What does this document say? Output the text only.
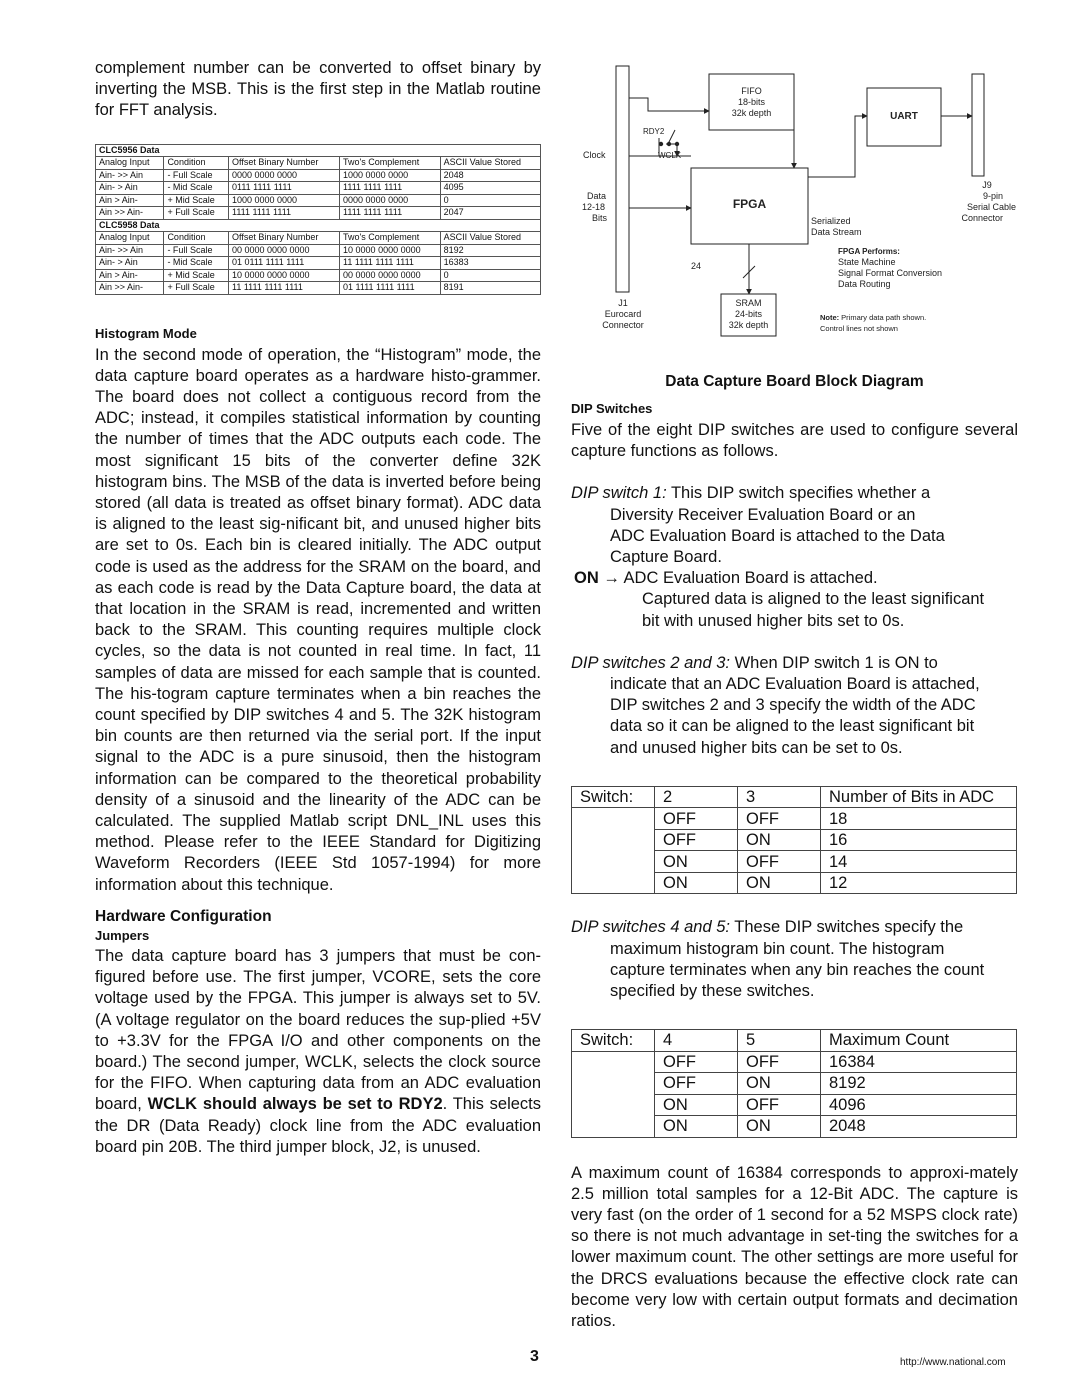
complement number can be converted to offset binary by inverting the MSB. This is the first step in the Matlab routine for FFT analysis.

CLC5956 Data				
Analog Input	Condition	Offset Binary Number	Two's Complement	ASCII Value Stored
Ain- >> Ain	- Full Scale	0000 0000 0000	1000 0000 0000	2048
Ain- > Ain	- Mid Scale	0111 1111 1111	1111 1111 1111	4095
Ain > Ain-	+ Mid Scale	1000 0000 0000	0000 0000 0000	0
Ain >> Ain-	+ Full Scale	1111 1111 1111	1111 1111 1111	2047
CLC5958 Data				
Analog Input	Condition	Offset Binary Number	Two's Complement	ASCII Value Stored
Ain- >> Ain	- Full Scale	00 0000 0000 0000	10 0000 0000 0000	8192
Ain- > Ain	- Mid Scale	01 0111 1111 1111	11 1111 1111 1111	16383
Ain > Ain-	+ Mid Scale	10 0000 0000 0000	00 0000 0000 0000	0
Ain >> Ain-	+ Full Scale	11 1111 1111 1111	01 1111 1111 1111	8191

Histogram Mode

In the second mode of operation, the “Histogram” mode, the data capture board operates as a hardware histo-grammer. The board does not collect a contiguous record from the ADC; instead, it compiles statistical information by counting the number of times that the ADC outputs each code. The most significant 15 bits of the converter define 32K histogram bins. The MSB of the data is inverted before being stored (all data is treated as offset binary format). ADC data is aligned to the least sig-nificant bit, and unused higher bits are set to 0s. Each bin is cleared initially. The ADC output code is used as the address for the SRAM on the board, and as each code is read by the Data Capture board, the data at that location in the SRAM is read, incremented and written back to the SRAM. This counting requires multiple clock cycles, so the data is not counted in real time. In fact, 11 samples of data are missed for each sample that is counted. The his-togram capture terminates when a bin reaches the count specified by DIP switches 4 and 5. The 32K histogram bin counts are then returned via the serial port. If the input signal to the ADC is a pure sinusoid, then the histogram information can be compared to the theoretical probability density of a sinusoid and the linearity of the ADC can be calculated. The supplied Matlab script DNL_INL uses this method. Please refer to the IEEE Standard for Digitizing Waveform Recorders (IEEE Std 1057-1994) for more information about this technique.

Hardware Configuration

Jumpers

The data capture board has 3 jumpers that must be con-figured before use. The first jumper, VCORE, sets the core voltage used by the FPGA. This jumper is always set to 5V. (A voltage regulator on the board reduces the sup-plied +5V to +3.3V for the FPGA I/O and other components on the board.) The second jumper, WCLK, selects the clock source for the FIFO. When capturing data from an ADC evaluation board, WCLK should always be set to RDY2. This selects the DR (Data Ready) clock line from the ADC evaluation board pin 20B. The third jumper block, J2, is unused.

FIFO
18-bits
32k depth	UART
FPGA
SRAM
24-bits
32k depth
RDY2
WCLK
24
Clock
Data
12-18
Bits
J1
Eurocard
Connector
J9
9-pin
Serial Cable
Connector
Serialized
Data Stream
FPGA Performs:
State Machine
Signal Format Conversion
Data Routing
Note: Primary data path shown.
Control lines not shown

Data Capture Board Block Diagram

DIP Switches

Five of the eight DIP switches are used to configure several capture functions as follows.

DIP switch 1: This DIP switch specifies whether a
Diversity Receiver Evaluation Board or an
ADC Evaluation Board is attached to the Data
Capture Board.
ON → ADC Evaluation Board is attached.
Captured data is aligned to the least significant
bit with unused higher bits set to 0s.
DIP switches 2 and 3: When DIP switch 1 is ON to
indicate that an ADC Evaluation Board is attached,
DIP switches 2 and 3 specify the width of the ADC
data so it can be aligned to the least significant bit
and unused higher bits can be set to 0s.
Switch:	2	3	Number of Bits in ADC
	OFF	OFF	18
	OFF	ON	16
	ON	OFF	14
	ON	ON	12
DIP switches 4 and 5: These DIP switches specify the
maximum histogram bin count. The histogram
capture terminates when any bin reaches the count
specified by these switches.
Switch:	4	5	Maximum Count
	OFF	OFF	16384
	OFF	ON	8192
	ON	OFF	4096
	ON	ON	2048

A maximum count of 16384 corresponds to approxi-mately 2.5 million total samples for a 12-Bit ADC. The capture is very fast (on the order of 1 second for a 52 MSPS clock rate) so there is not much advantage in set-ting the switches for a lower maximum count. The other settings are more useful for the DRCS evaluations because the effective clock rate can become very low with certain output formats and decimation ratios.

3	http://www.national.com
